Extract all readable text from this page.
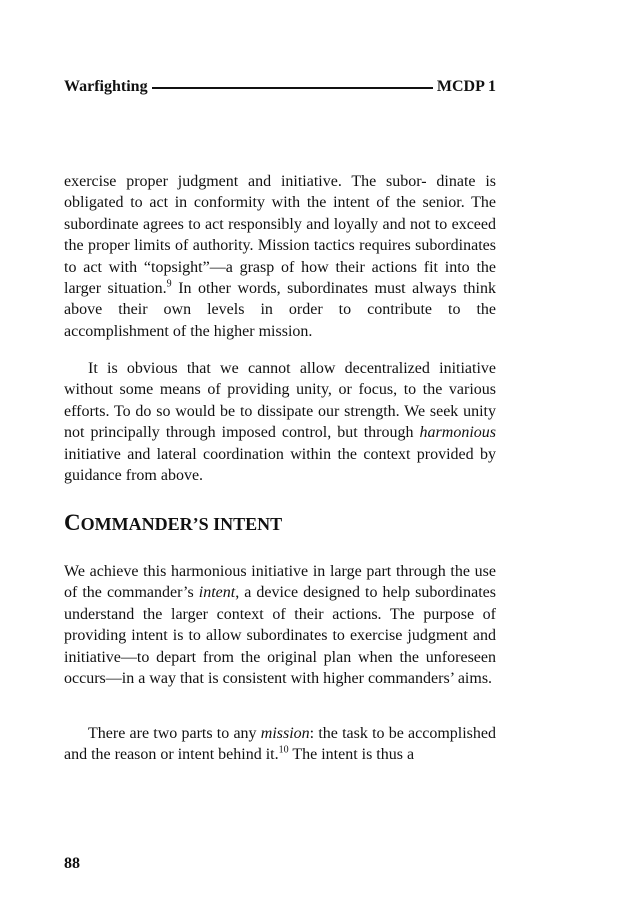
Warfighting	MCDP 1

exercise proper judgment and initiative. The subor- dinate is obligated to act in conformity with the intent of the senior. The subordinate agrees to act responsibly and loyally and not to exceed the proper limits of authority. Mission tactics requires subordinates to act with “topsight”—a grasp of how their actions fit into the larger situation.$^9$ In other words, subordinates must always think above their own levels in order to contribute to the accomplishment of the higher mission.

It is obvious that we cannot allow decentralized initiative without some means of providing unity, or focus, to the various efforts. To do so would be to dissipate our strength. We seek unity not principally through imposed control, but through harmonious initiative and lateral coordination within the context provided by guidance from above.

COMMANDER’S INTENT

We achieve this harmonious initiative in large part through the use of the commander’s intent, a device designed to help subordinates understand the larger context of their actions. The purpose of providing intent is to allow subordinates to exercise judgment and initiative—to depart from the original plan when the unforeseen occurs—in a way that is consistent with higher commanders’ aims.

There are two parts to any mission: the task to be accomplished and the reason or intent behind it.$^{10}$ The intent is thus a

88
